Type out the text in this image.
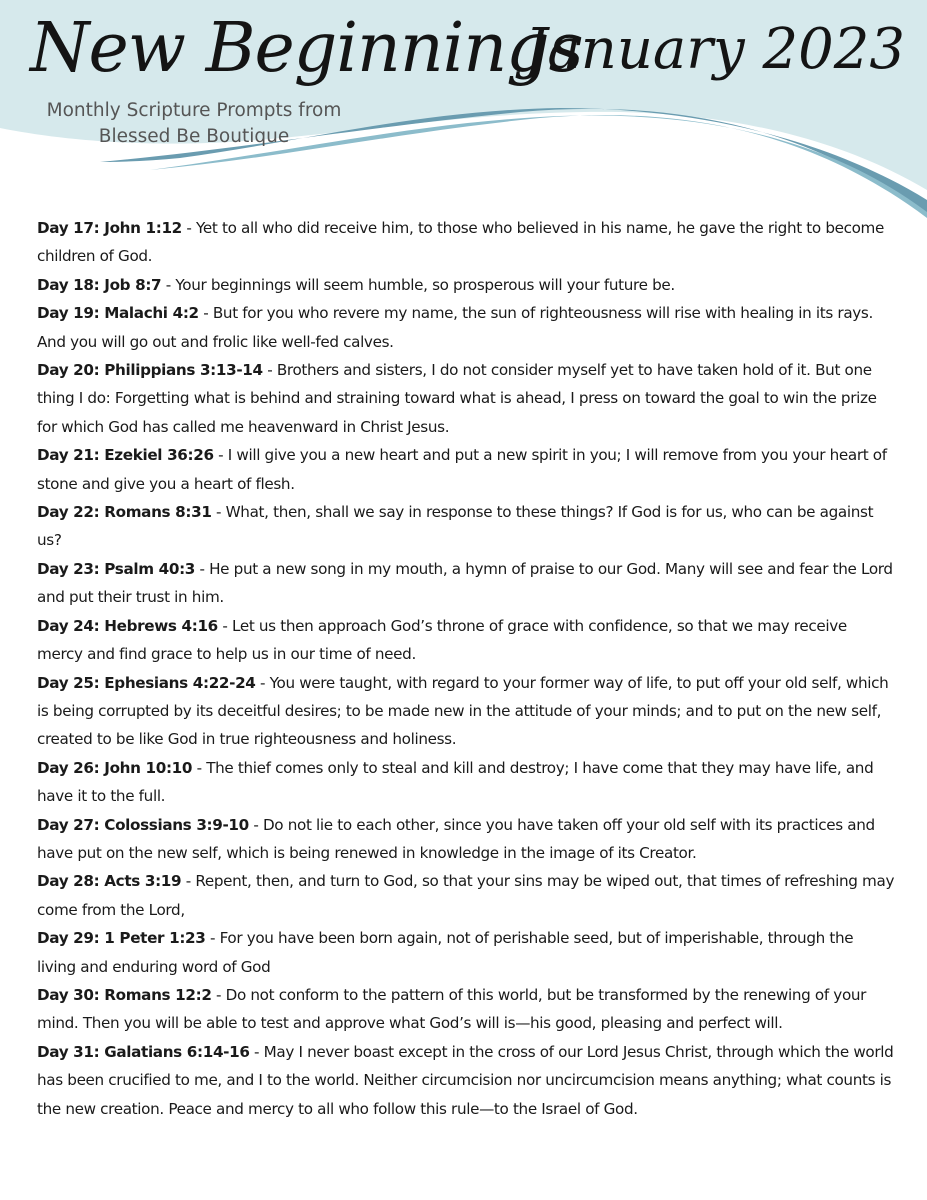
New Beginnings
January 2023
Monthly Scripture Prompts from
Blessed Be Boutique

Day 17: John 1:12 - Yet to all who did receive him, to those who believed in his name, he gave the right to become children of God.

Day 18: Job 8:7 - Your beginnings will seem humble, so prosperous will your future be.

Day 19: Malachi 4:2 - But for you who revere my name, the sun of righteousness will rise with healing in its rays. And you will go out and frolic like well-fed calves.

Day 20: Philippians 3:13-14 - Brothers and sisters, I do not consider myself yet to have taken hold of it. But one thing I do: Forgetting what is behind and straining toward what is ahead, I press on toward the goal to win the prize for which God has called me heavenward in Christ Jesus.

Day 21: Ezekiel 36:26 - I will give you a new heart and put a new spirit in you; I will remove from you your heart of stone and give you a heart of flesh.

Day 22: Romans 8:31 - What, then, shall we say in response to these things? If God is for us, who can be against us?

Day 23: Psalm 40:3 - He put a new song in my mouth, a hymn of praise to our God. Many will see and fear the Lord and put their trust in him.

Day 24: Hebrews 4:16 - Let us then approach God’s throne of grace with confidence, so that we may receive mercy and find grace to help us in our time of need.

Day 25: Ephesians 4:22-24 - You were taught, with regard to your former way of life, to put off your old self, which is being corrupted by its deceitful desires; to be made new in the attitude of your minds; and to put on the new self, created to be like God in true righteousness and holiness.

Day 26: John 10:10 - The thief comes only to steal and kill and destroy; I have come that they may have life, and have it to the full.

Day 27: Colossians 3:9-10 - Do not lie to each other, since you have taken off your old self with its practices and have put on the new self, which is being renewed in knowledge in the image of its Creator.

Day 28: Acts 3:19 - Repent, then, and turn to God, so that your sins may be wiped out, that times of refreshing may come from the Lord,

Day 29: 1 Peter 1:23 - For you have been born again, not of perishable seed, but of imperishable, through the living and enduring word of God

Day 30: Romans 12:2 - Do not conform to the pattern of this world, but be transformed by the renewing of your mind. Then you will be able to test and approve what God’s will is—his good, pleasing and perfect will.

Day 31: Galatians 6:14-16 - May I never boast except in the cross of our Lord Jesus Christ, through which the world has been crucified to me, and I to the world. Neither circumcision nor uncircumcision means anything; what counts is the new creation. Peace and mercy to all who follow this rule—to the Israel of God.
